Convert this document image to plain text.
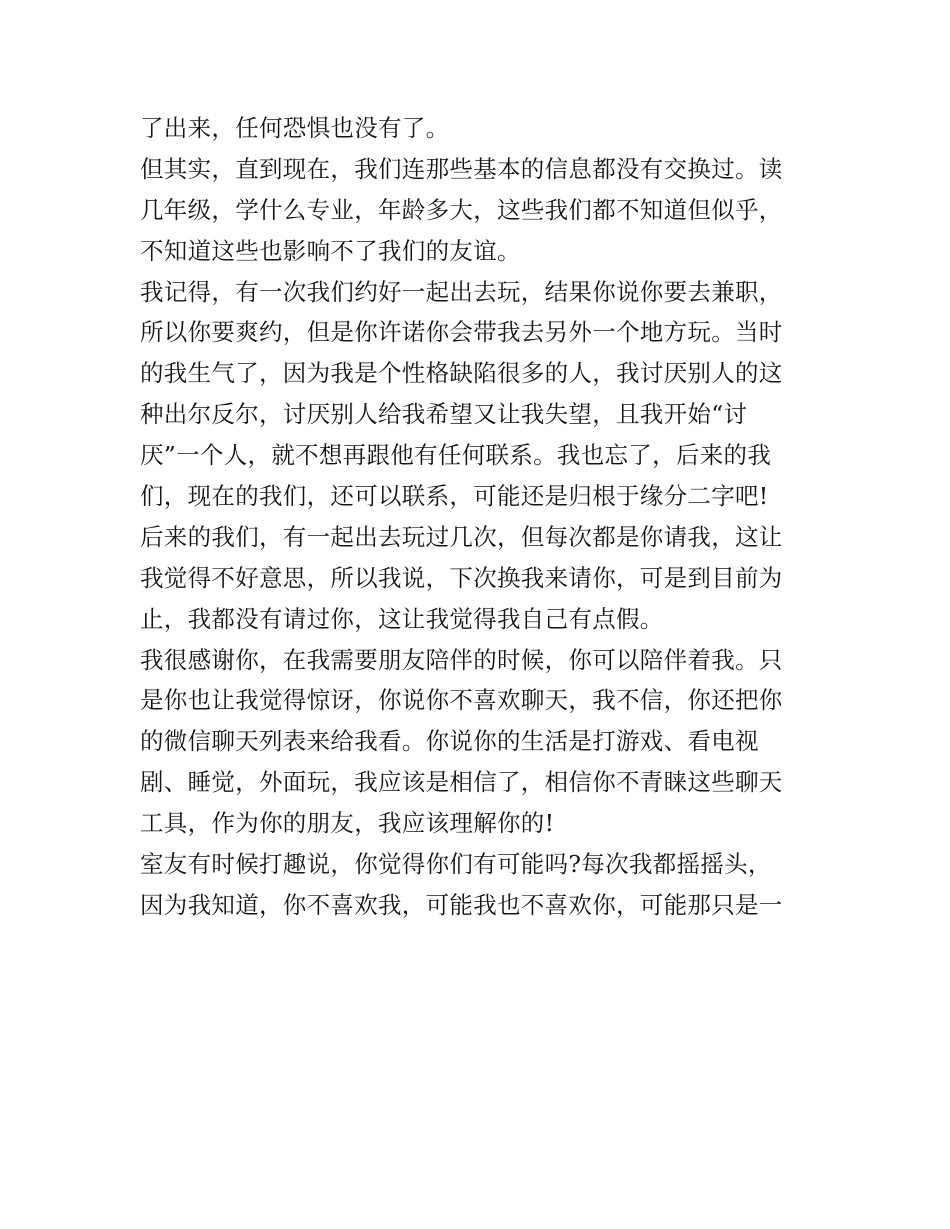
了出来，任何恐惧也没有了。
但其实，直到现在，我们连那些基本的信息都没有交换过。读
几年级，学什么专业，年龄多大，这些我们都不知道但似乎，
不知道这些也影响不了我们的友谊。
我记得，有一次我们约好一起出去玩，结果你说你要去兼职，
所以你要爽约，但是你许诺你会带我去另外一个地方玩。当时
的我生气了，因为我是个性格缺陷很多的人，我讨厌别人的这
种出尔反尔，讨厌别人给我希望又让我失望，且我开始“讨
厌”一个人，就不想再跟他有任何联系。我也忘了，后来的我
们，现在的我们，还可以联系，可能还是归根于缘分二字吧!
后来的我们，有一起出去玩过几次，但每次都是你请我，这让
我觉得不好意思，所以我说，下次换我来请你，可是到目前为
止，我都没有请过你，这让我觉得我自己有点假。
我很感谢你，在我需要朋友陪伴的时候，你可以陪伴着我。只
是你也让我觉得惊讶，你说你不喜欢聊天，我不信，你还把你
的微信聊天列表来给我看。你说你的生活是打游戏、看电视
剧、睡觉，外面玩，我应该是相信了，相信你不青睐这些聊天
工具，作为你的朋友，我应该理解你的!
室友有时候打趣说，你觉得你们有可能吗?每次我都摇摇头，
因为我知道，你不喜欢我，可能我也不喜欢你，可能那只是一
